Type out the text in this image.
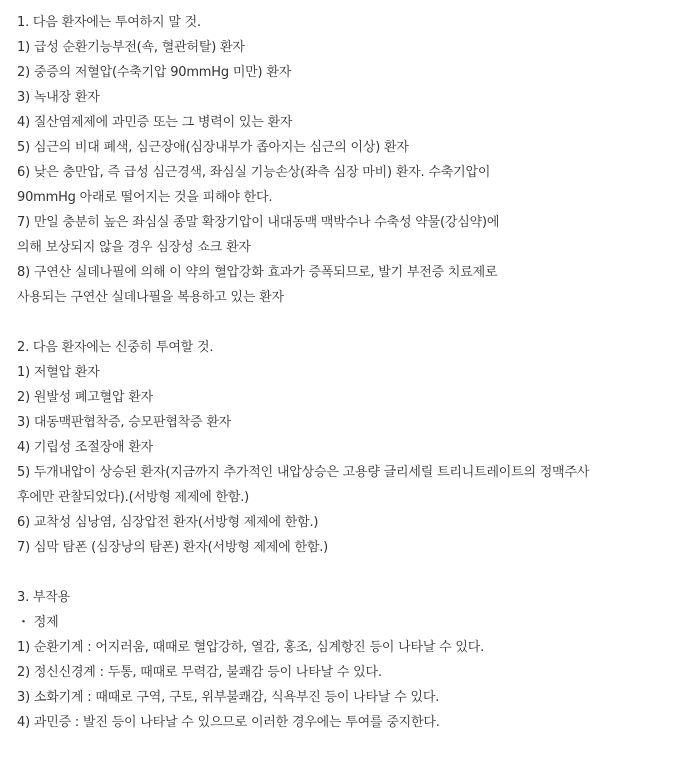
1. 다음 환자에는 투여하지 말 것.
1) 급성 순환기능부전(쇽, 혈관허탈) 환자
2) 중증의 저혈압(수축기압 90mmHg 미만) 환자
3) 녹내장 환자
4) 질산염제제에 과민증 또는 그 병력이 있는 환자
5) 심근의 비대 폐색, 심근장애(심장내부가 좁아지는 심근의 이상) 환자
6) 낮은 충만압, 즉 급성 심근경색, 좌심실 기능손상(좌측 심장 마비) 환자. 수축기압이
90mmHg 아래로 떨어지는 것을 피해야 한다.
7) 만일 충분히 높은 좌심실 종말 확장기압이 내대동맥 맥박수나 수축성 약물(강심약)에
의해 보상되지 않을 경우 심장성 쇼크 환자
8) 구연산 실데나필에 의해 이 약의 혈압강화 효과가 증폭되므로, 발기 부전증 치료제로
사용되는 구연산 실데나필을 복용하고 있는 환자
2. 다음 환자에는 신중히 투여할 것.
1) 저혈압 환자
2) 원발성 폐고혈압 환자
3) 대동맥판협착증, 승모판협착증 환자
4) 기립성 조절장애 환자
5) 두개내압이 상승된 환자(지금까지 추가적인 내압상승은 고용량 글리세릴 트리니트레이트의 정맥주사
후에만 관찰되었다).(서방형 제제에 한함.)
6) 교착성 심낭염, 심장압전 환자(서방형 제제에 한함.)
7) 심막 탐폰 (심장낭의 탐폰) 환자(서방형 제제에 한함.)
3. 부작용
・ 정제
1) 순환기계 : 어지러움, 때때로 혈압강하, 열감, 홍조, 심계항진 등이 나타날 수 있다.
2) 정신신경계 : 두통, 때때로 무력감, 불쾌감 등이 나타날 수 있다.
3) 소화기계 : 때때로 구역, 구토, 위부불쾌감, 식욕부진 등이 나타날 수 있다.
4) 과민증 : 발진 등이 나타날 수 있으므로 이러한 경우에는 투여를 중지한다.
